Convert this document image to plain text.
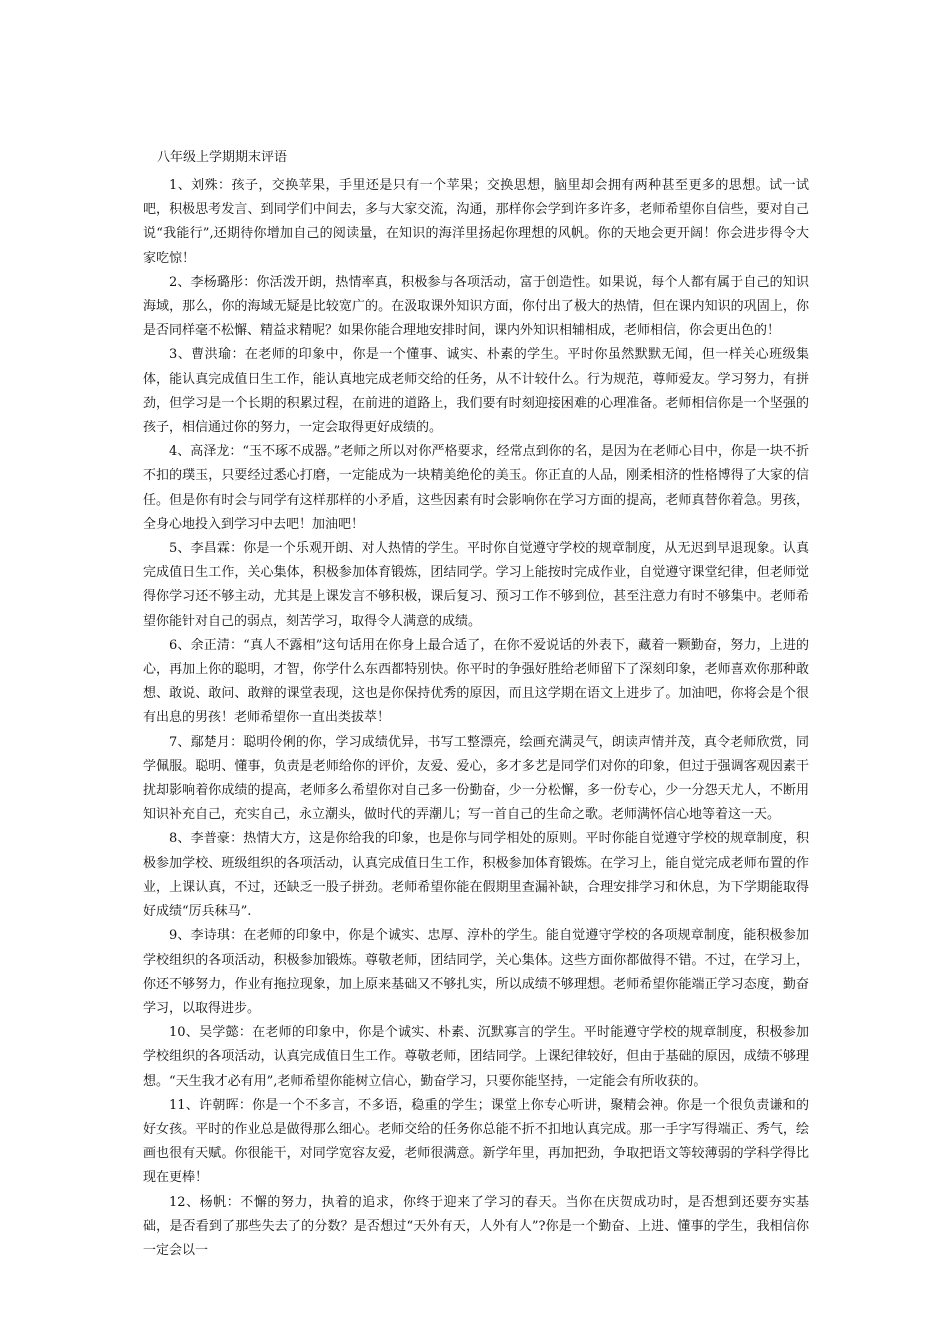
八年级上学期期末评语

1、刘殊：孩子，交换苹果，手里还是只有一个苹果；交换思想，脑里却会拥有两种甚至更多的思想。试一试吧，积极思考发言、到同学们中间去，多与大家交流，沟通，那样你会学到许多许多，老师希望你自信些，要对自己说“我能行”,还期待你增加自己的阅读量，在知识的海洋里扬起你理想的风帆。你的天地会更开阔！你会进步得令大家吃惊！

2、李杨璐彤：你活泼开朗，热情率真，积极参与各项活动，富于创造性。如果说，每个人都有属于自己的知识海域，那么，你的海域无疑是比较宽广的。在汲取课外知识方面，你付出了极大的热情，但在课内知识的巩固上，你是否同样毫不松懈、精益求精呢？如果你能合理地安排时间，课内外知识相辅相成，老师相信，你会更出色的！

3、曹洪瑜：在老师的印象中，你是一个懂事、诚实、朴素的学生。平时你虽然默默无闻，但一样关心班级集体，能认真完成值日生工作，能认真地完成老师交给的任务，从不计较什么。行为规范，尊师爱友。学习努力，有拼劲，但学习是一个长期的积累过程，在前进的道路上，我们要有时刻迎接困难的心理准备。老师相信你是一个坚强的孩子，相信通过你的努力，一定会取得更好成绩的。

4、高泽龙：“玉不琢不成器。”老师之所以对你严格要求，经常点到你的名，是因为在老师心目中，你是一块不折不扣的璞玉，只要经过悉心打磨，一定能成为一块精美绝伦的美玉。你正直的人品，刚柔相济的性格博得了大家的信任。但是你有时会与同学有这样那样的小矛盾，这些因素有时会影响你在学习方面的提高，老师真替你着急。男孩，全身心地投入到学习中去吧！加油吧！

5、李昌霖：你是一个乐观开朗、对人热情的学生。平时你自觉遵守学校的规章制度，从无迟到早退现象。认真完成值日生工作，关心集体，积极参加体育锻炼，团结同学。学习上能按时完成作业，自觉遵守课堂纪律，但老师觉得你学习还不够主动，尤其是上课发言不够积极，课后复习、预习工作不够到位，甚至注意力有时不够集中。老师希望你能针对自己的弱点，刻苦学习，取得令人满意的成绩。

6、余正清：“真人不露相”这句话用在你身上最合适了，在你不爱说话的外表下，藏着一颗勤奋，努力，上进的心，再加上你的聪明，才智，你学什么东西都特别快。你平时的争强好胜给老师留下了深刻印象，老师喜欢你那种敢想、敢说、敢问、敢辩的课堂表现，这也是你保持优秀的原因，而且这学期在语文上进步了。加油吧，你将会是个很有出息的男孩！老师希望你一直出类拔萃！

7、鄢楚月：聪明伶俐的你，学习成绩优异，书写工整漂亮，绘画充满灵气，朗读声情并茂，真令老师欣赏，同学佩服。聪明、懂事，负责是老师给你的评价，友爱、爱心，多才多艺是同学们对你的印象，但过于强调客观因素干扰却影响着你成绩的提高，老师多么希望你对自己多一份勤奋，少一分松懈，多一份专心，少一分怨天尤人，不断用知识补充自己，充实自己，永立潮头，做时代的弄潮儿；写一首自己的生命之歌。老师满怀信心地等着这一天。

8、李普豪：热情大方，这是你给我的印象，也是你与同学相处的原则。平时你能自觉遵守学校的规章制度，积极参加学校、班级组织的各项活动，认真完成值日生工作，积极参加体育锻炼。在学习上，能自觉完成老师布置的作业，上课认真，不过，还缺乏一股子拼劲。老师希望你能在假期里查漏补缺，合理安排学习和休息，为下学期能取得好成绩“厉兵秣马”.

9、李诗琪：在老师的印象中，你是个诚实、忠厚、淳朴的学生。能自觉遵守学校的各项规章制度，能积极参加学校组织的各项活动，积极参加锻炼。尊敬老师，团结同学，关心集体。这些方面你都做得不错。不过，在学习上，你还不够努力，作业有拖拉现象，加上原来基础又不够扎实，所以成绩不够理想。老师希望你能端正学习态度，勤奋学习，以取得进步。

10、吴学懿：在老师的印象中，你是个诚实、朴素、沉默寡言的学生。平时能遵守学校的规章制度，积极参加学校组织的各项活动，认真完成值日生工作。尊敬老师，团结同学。上课纪律较好，但由于基础的原因，成绩不够理想。“天生我才必有用”,老师希望你能树立信心，勤奋学习，只要你能坚持，一定能会有所收获的。

11、许朝晖：你是一个不多言，不多语，稳重的学生；课堂上你专心听讲，聚精会神。你是一个很负责谦和的好女孩。平时的作业总是做得那么细心。老师交给的任务你总能不折不扣地认真完成。那一手字写得端正、秀气，绘画也很有天赋。你很能干，对同学宽容友爱，老师很满意。新学年里，再加把劲，争取把语文等较薄弱的学科学得比现在更棒！

12、杨帆：不懈的努力，执着的追求，你终于迎来了学习的春天。当你在庆贺成功时，是否想到还要夯实基础，是否看到了那些失去了的分数？是否想过“天外有天，人外有人”?你是一个勤奋、上进、懂事的学生，我相信你一定会以一
